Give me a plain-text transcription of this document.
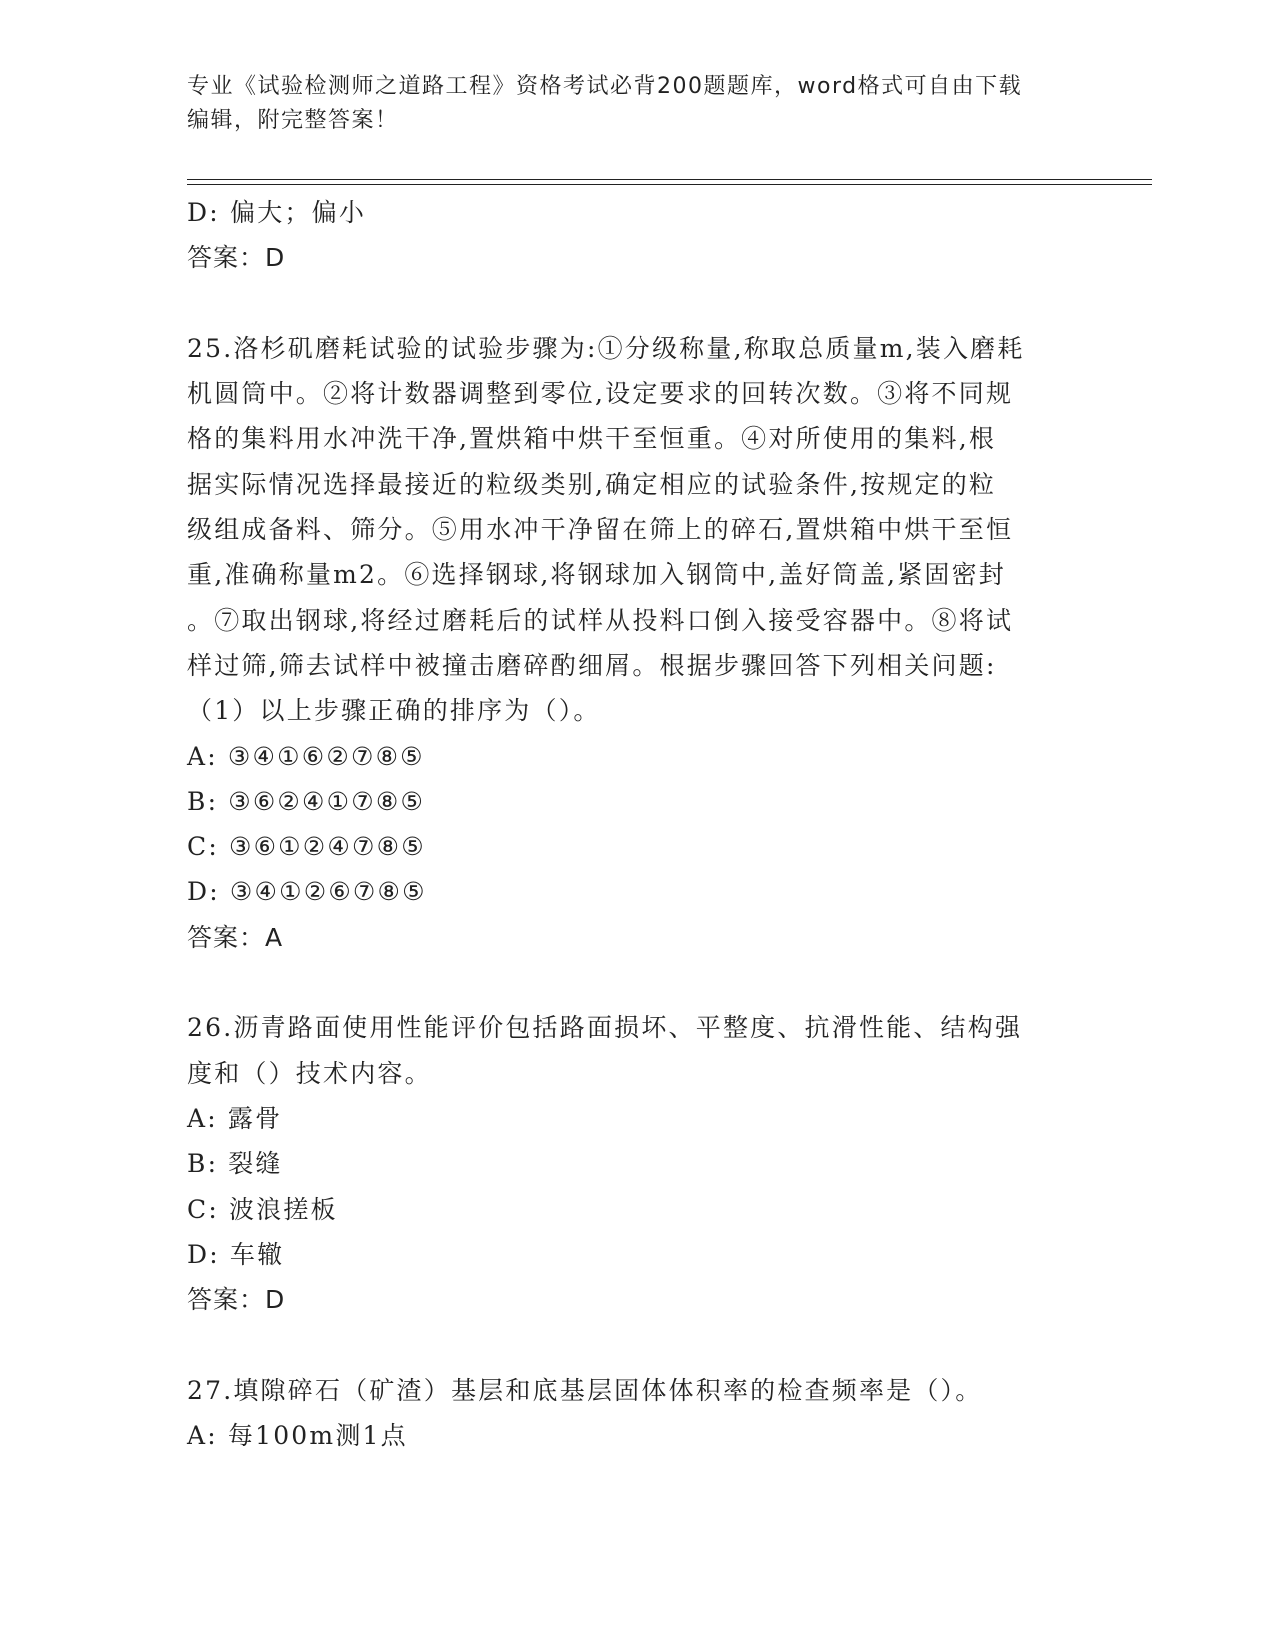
专业《试验检测师之道路工程》资格考试必背200题题库，word格式可自由下载
编辑，附完整答案！
D: 偏大；偏小
答案：D
25.洛杉矶磨耗试验的试验步骤为:①分级称量,称取总质量m,装入磨耗
机圆筒中。②将计数器调整到零位,设定要求的回转次数。③将不同规
格的集料用水冲洗干净,置烘箱中烘干至恒重。④对所使用的集料,根
据实际情况选择最接近的粒级类别,确定相应的试验条件,按规定的粒
级组成备料、筛分。⑤用水冲干净留在筛上的碎石,置烘箱中烘干至恒
重,准确称量m2。⑥选择钢球,将钢球加入钢筒中,盖好筒盖,紧固密封
。⑦取出钢球,将经过磨耗后的试样从投料口倒入接受容器中。⑧将试
样过筛,筛去试样中被撞击磨碎酌细屑。根据步骤回答下列相关问题:
（1）以上步骤正确的排序为（）。
A: ③④①⑥②⑦⑧⑤
B: ③⑥②④①⑦⑧⑤
C: ③⑥①②④⑦⑧⑤
D: ③④①②⑥⑦⑧⑤
答案：A
26.沥青路面使用性能评价包括路面损坏、平整度、抗滑性能、结构强
度和（）技术内容。
A: 露骨
B: 裂缝
C: 波浪搓板
D: 车辙
答案：D
27.填隙碎石（矿渣）基层和底基层固体体积率的检查频率是（）。
A: 每100m测1点
